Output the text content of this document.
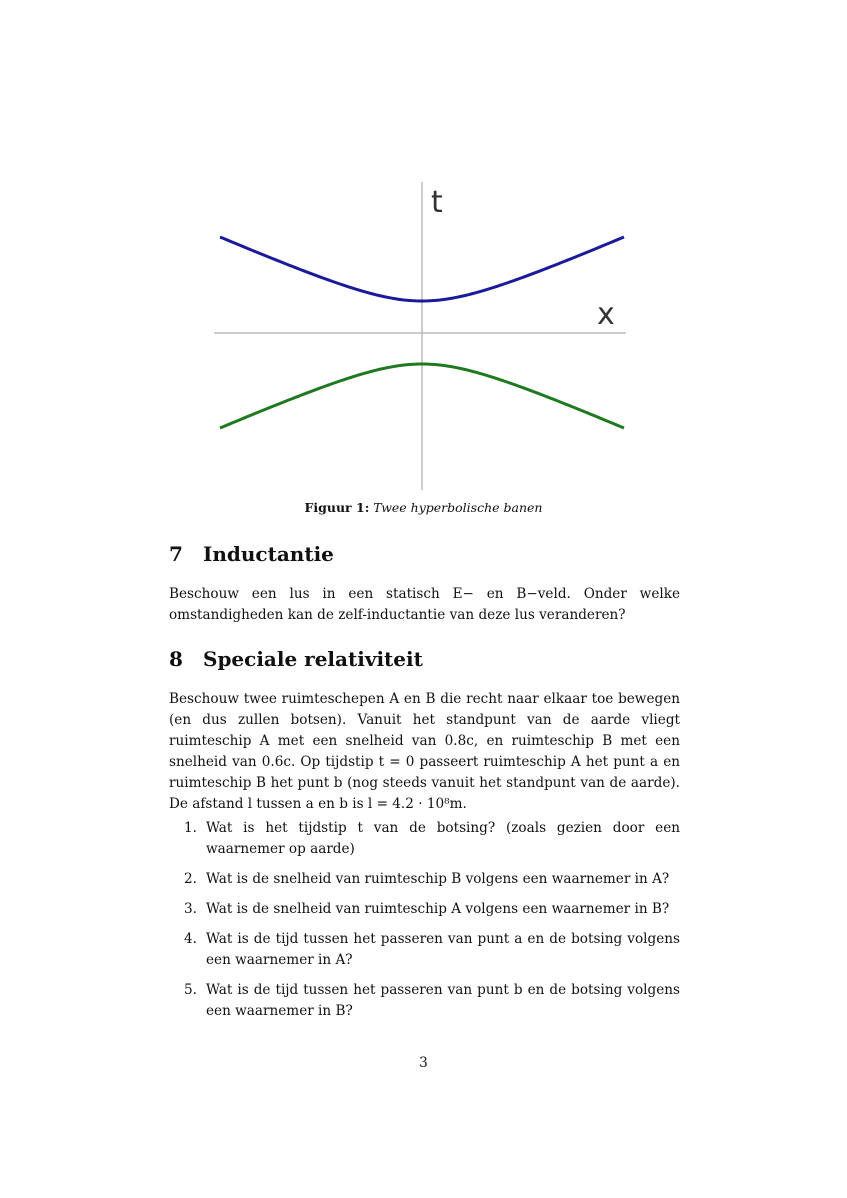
t
x
Figuur 1: Twee hyperbolische banen
7 Inductantie

Beschouw een lus in een statisch E− en B−veld. Onder welke omstandigheden kan de zelf-inductantie van deze lus veranderen?

8 Speciale relativiteit

Beschouw twee ruimteschepen A en B die recht naar elkaar toe bewegen (en dus zullen botsen). Vanuit het standpunt van de aarde vliegt ruimteschip A met een snelheid van 0.8c, en ruimteschip B met een snelheid van 0.6c. Op tijdstip t = 0 passeert ruimteschip A het punt a en ruimteschip B het punt b (nog steeds vanuit het standpunt van de aarde). De afstand l tussen a en b is l = 4.2 · 10⁸m.

1. Wat is het tijdstip t van de botsing? (zoals gezien door een waarnemer op aarde)
2. Wat is de snelheid van ruimteschip B volgens een waarnemer in A?
3. Wat is de snelheid van ruimteschip A volgens een waarnemer in B?
4. Wat is de tijd tussen het passeren van punt a en de botsing volgens een waarnemer in A?
5. Wat is de tijd tussen het passeren van punt b en de botsing volgens een waarnemer in B?
3
